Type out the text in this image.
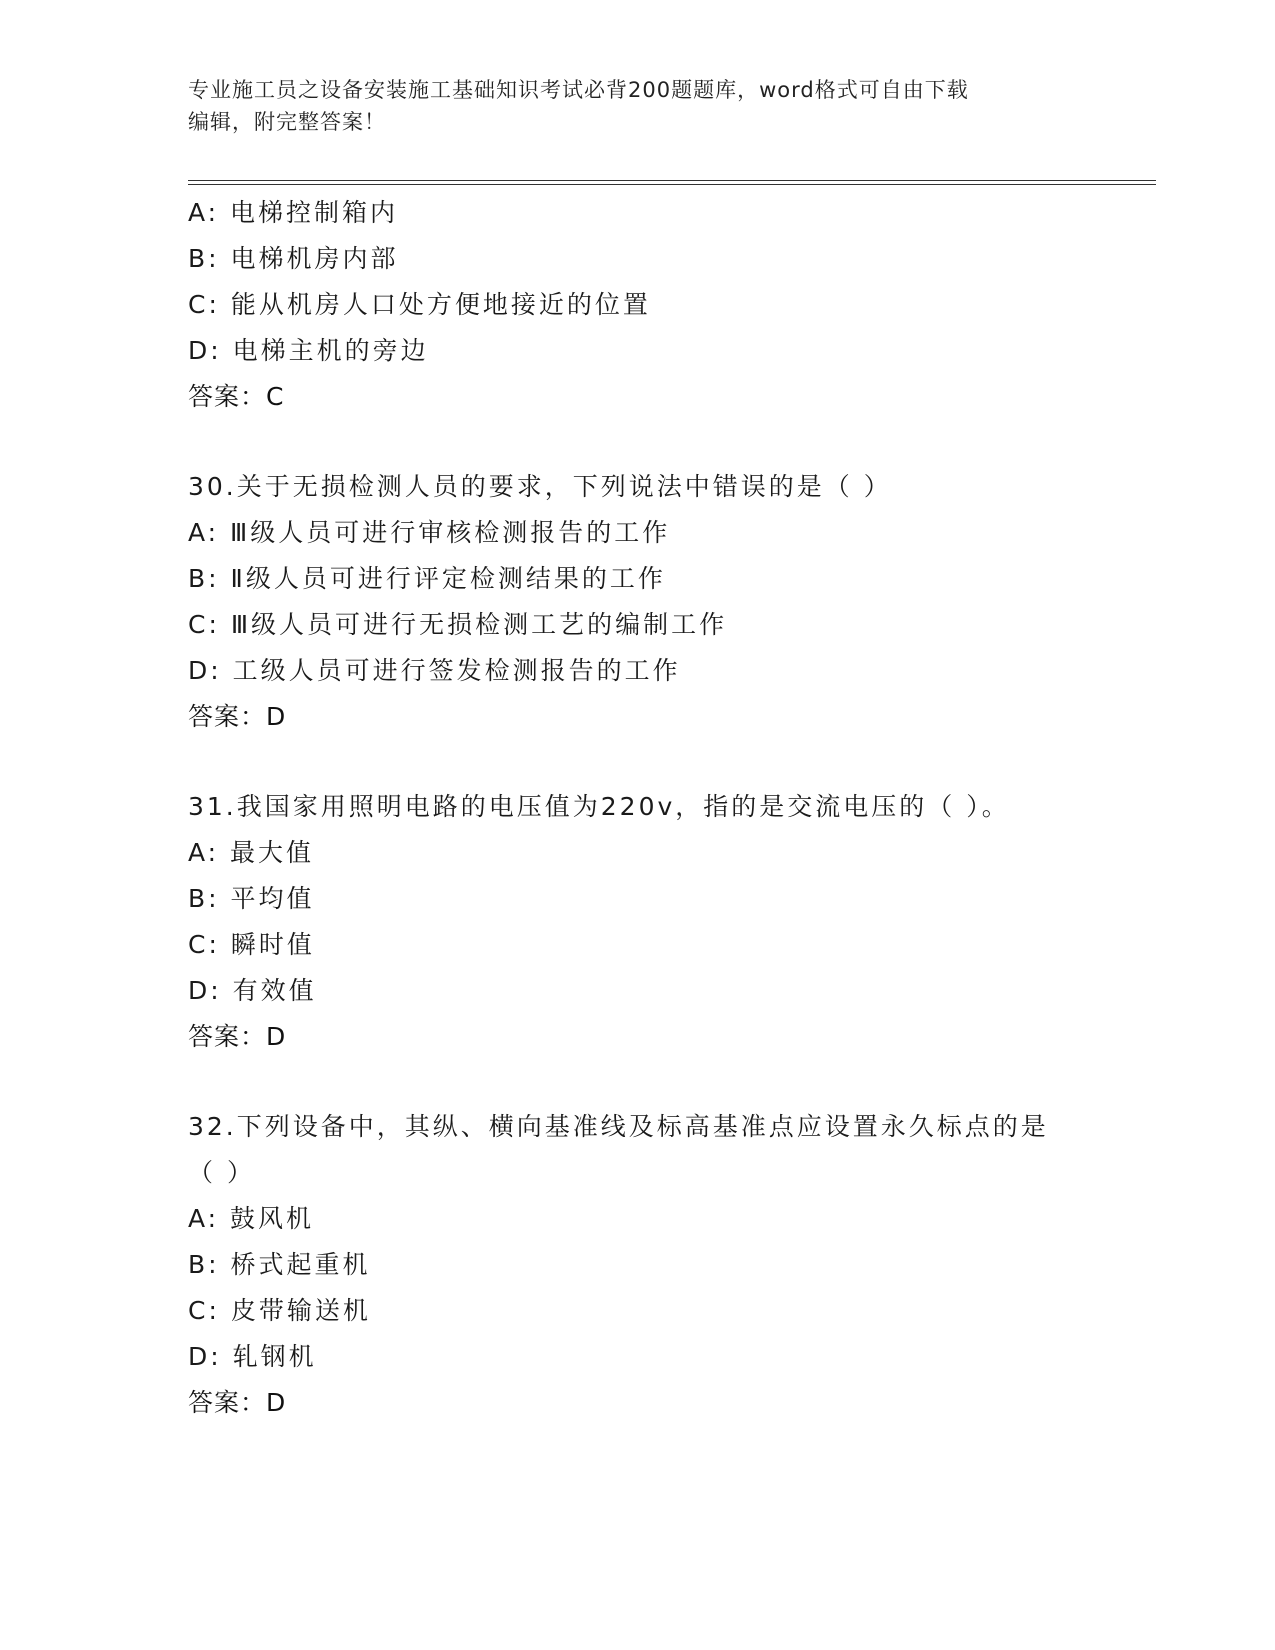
专业施工员之设备安装施工基础知识考试必背200题题库，word格式可自由下载
编辑，附完整答案！
A: 电梯控制箱内
B: 电梯机房内部
C: 能从机房人口处方便地接近的位置
D: 电梯主机的旁边
答案：C
30.关于无损检测人员的要求，下列说法中错误的是（ ）
A: Ⅲ级人员可进行审核检测报告的工作
B: Ⅱ级人员可进行评定检测结果的工作
C: Ⅲ级人员可进行无损检测工艺的编制工作
D: 工级人员可进行签发检测报告的工作
答案：D
31.我国家用照明电路的电压值为220v，指的是交流电压的（ ）。
A: 最大值
B: 平均值
C: 瞬时值
D: 有效值
答案：D
32.下列设备中，其纵、横向基准线及标高基准点应设置永久标点的是
（ ）
A: 鼓风机
B: 桥式起重机
C: 皮带输送机
D: 轧钢机
答案：D
